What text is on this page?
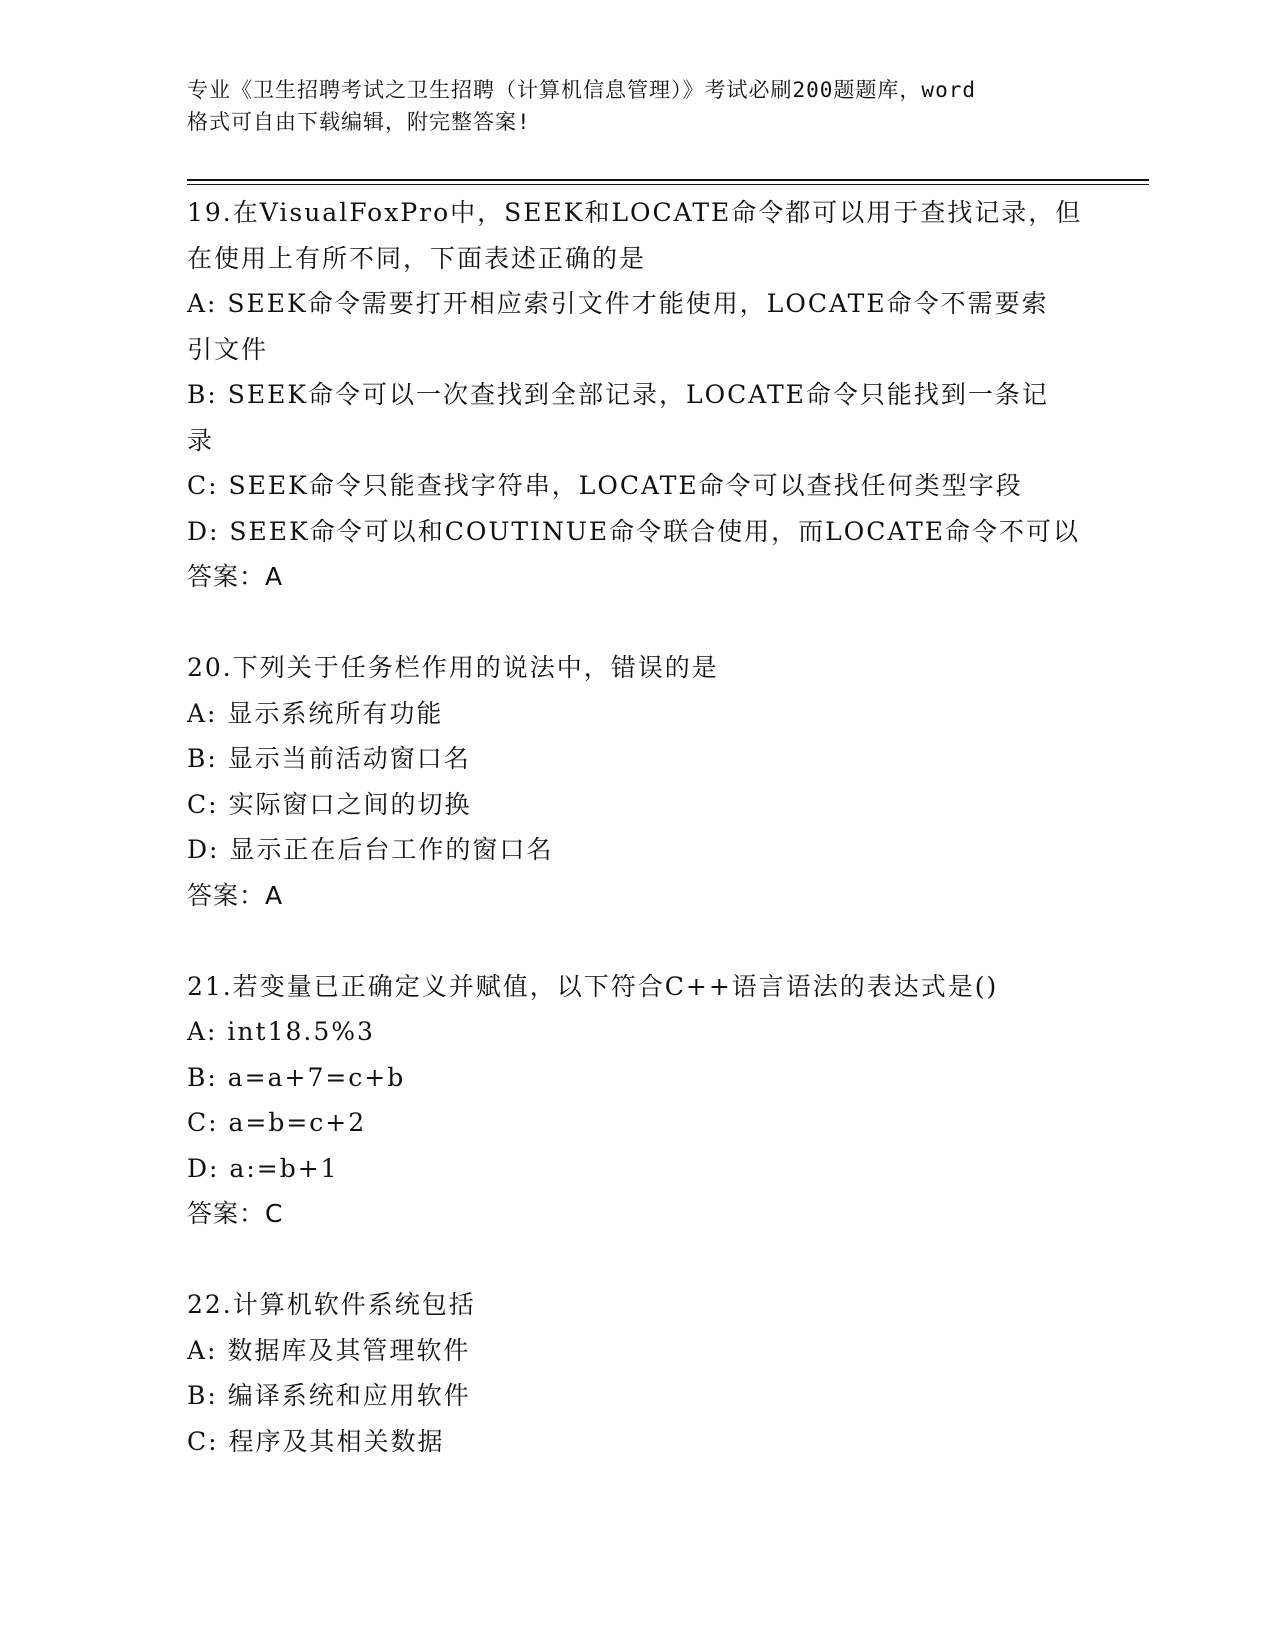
专业《卫生招聘考试之卫生招聘（计算机信息管理）》考试必刷200题题库，word
格式可自由下载编辑，附完整答案!
19.在VisualFoxPro中，SEEK和LOCATE命令都可以用于查找记录，但
在使用上有所不同，下面表述正确的是
A: SEEK命令需要打开相应索引文件才能使用，LOCATE命令不需要索
引文件
B: SEEK命令可以一次查找到全部记录，LOCATE命令只能找到一条记
录
C: SEEK命令只能查找字符串，LOCATE命令可以查找任何类型字段
D: SEEK命令可以和COUTINUE命令联合使用，而LOCATE命令不可以
答案：A
20.下列关于任务栏作用的说法中，错误的是
A: 显示系统所有功能
B: 显示当前活动窗口名
C: 实际窗口之间的切换
D: 显示正在后台工作的窗口名
答案：A
21.若变量已正确定义并赋值，以下符合C++语言语法的表达式是()
A: int18.5%3
B: a=a+7=c+b
C: a=b=c+2
D: a:=b+1
答案：C
22.计算机软件系统包括
A: 数据库及其管理软件
B: 编译系统和应用软件
C: 程序及其相关数据
